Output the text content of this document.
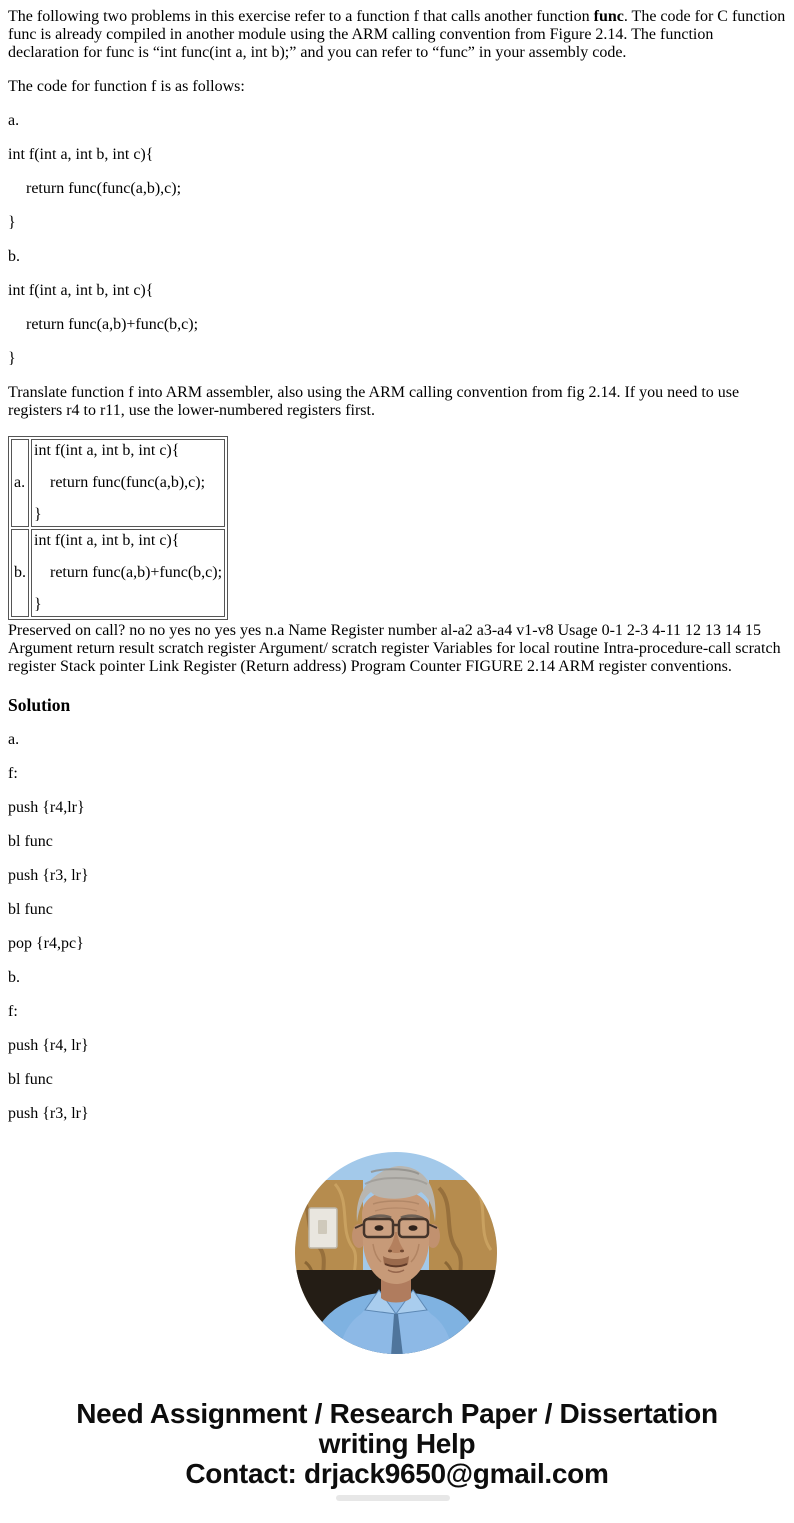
The following two problems in this exercise refer to a function f that calls another function func. The code for C function func is already compiled in another module using the ARM calling convention from Figure 2.14. The function declaration for func is “int func(int a, int b);” and you can refer to “func” in your assembly code.

The code for function f is as follows:

a.

int f(int a, int b, int c){

return func(func(a,b),c);

}

b.

int f(int a, int b, int c){

return func(a,b)+func(b,c);

}

Translate function f into ARM assembler, also using the ARM calling convention from fig 2.14. If you need to use registers r4 to r11, use the lower-numbered registers first.

a.	int f(int a, int b, int c){

return func(func(a,b),c);

}

b.	int f(int a, int b, int c){

return func(a,b)+func(b,c);

}

Preserved on call? no no yes no yes yes n.a Name Register number al-a2 a3-a4 v1-v8 Usage 0-1 2-3 4-11 12 13 14 15 Argument return result scratch register Argument/ scratch register Variables for local routine Intra-procedure-call scratch register Stack pointer Link Register (Return address) Program Counter FIGURE 2.14 ARM register conventions.

Solution

a.

f:

push {r4,lr}

bl func

push {r3, lr}

bl func

pop {r4,pc}

b.

f:

push {r4, lr}

bl func

push {r3, lr}

Need Assignment / Research Paper / Dissertation
writing Help
Contact: drjack9650@gmail.com
